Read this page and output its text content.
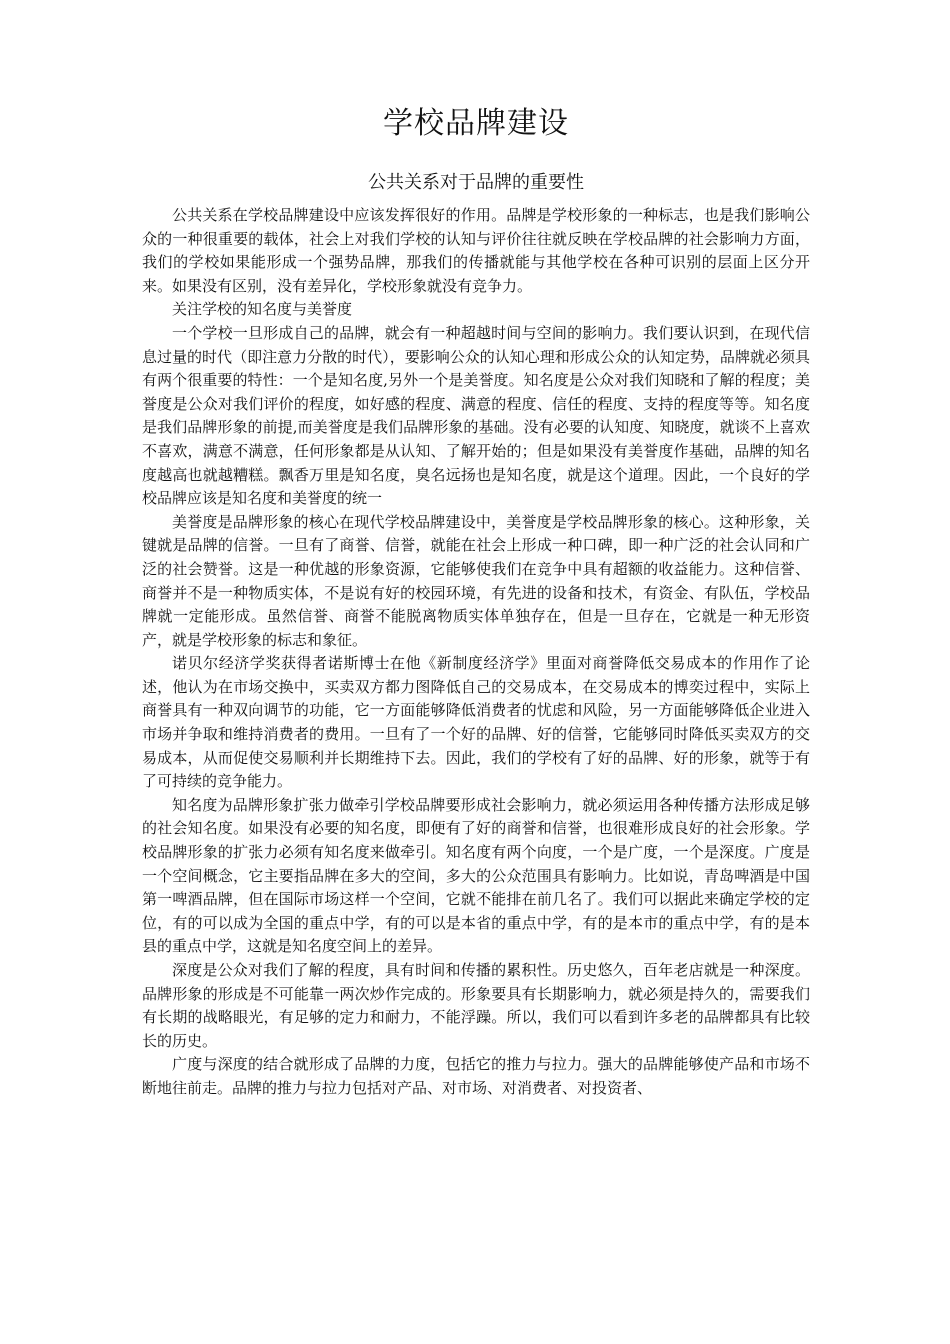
学校品牌建设
公共关系对于品牌的重要性

公共关系在学校品牌建设中应该发挥很好的作用。品牌是学校形象的一种标志，也是我们影响公众的一种很重要的载体，社会上对我们学校的认知与评价往往就反映在学校品牌的社会影响力方面，我们的学校如果能形成一个强势品牌，那我们的传播就能与其他学校在各种可识别的层面上区分开来。如果没有区别，没有差异化，学校形象就没有竞争力。

关注学校的知名度与美誉度

一个学校一旦形成自己的品牌，就会有一种超越时间与空间的影响力。我们要认识到，在现代信息过量的时代（即注意力分散的时代），要影响公众的认知心理和形成公众的认知定势，品牌就必须具有两个很重要的特性：一个是知名度,另外一个是美誉度。知名度是公众对我们知晓和了解的程度；美誉度是公众对我们评价的程度，如好感的程度、满意的程度、信任的程度、支持的程度等等。知名度是我们品牌形象的前提,而美誉度是我们品牌形象的基础。没有必要的认知度、知晓度，就谈不上喜欢不喜欢，满意不满意，任何形象都是从认知、了解开始的；但是如果没有美誉度作基础，品牌的知名度越高也就越糟糕。飘香万里是知名度，臭名远扬也是知名度，就是这个道理。因此，一个良好的学校品牌应该是知名度和美誉度的统一

美誉度是品牌形象的核心在现代学校品牌建设中，美誉度是学校品牌形象的核心。这种形象，关键就是品牌的信誉。一旦有了商誉、信誉，就能在社会上形成一种口碑，即一种广泛的社会认同和广泛的社会赞誉。这是一种优越的形象资源，它能够使我们在竞争中具有超额的收益能力。这种信誉、商誉并不是一种物质实体，不是说有好的校园环境，有先进的设备和技术，有资金、有队伍，学校品牌就一定能形成。虽然信誉、商誉不能脱离物质实体单独存在，但是一旦存在，它就是一种无形资产，就是学校形象的标志和象征。

诺贝尔经济学奖获得者诺斯博士在他《新制度经济学》里面对商誉降低交易成本的作用作了论述，他认为在市场交换中，买卖双方都力图降低自己的交易成本，在交易成本的博奕过程中，实际上商誉具有一种双向调节的功能，它一方面能够降低消费者的忧虑和风险，另一方面能够降低企业进入市场并争取和维持消费者的费用。一旦有了一个好的品牌、好的信誉，它能够同时降低买卖双方的交易成本，从而促使交易顺利并长期维持下去。因此，我们的学校有了好的品牌、好的形象，就等于有了可持续的竞争能力。

知名度为品牌形象扩张力做牵引学校品牌要形成社会影响力，就必须运用各种传播方法形成足够的社会知名度。如果没有必要的知名度，即便有了好的商誉和信誉，也很难形成良好的社会形象。学校品牌形象的扩张力必须有知名度来做牵引。知名度有两个向度，一个是广度，一个是深度。广度是一个空间概念，它主要指品牌在多大的空间，多大的公众范围具有影响力。比如说，青岛啤酒是中国第一啤酒品牌，但在国际市场这样一个空间，它就不能排在前几名了。我们可以据此来确定学校的定位，有的可以成为全国的重点中学，有的可以是本省的重点中学，有的是本市的重点中学，有的是本县的重点中学，这就是知名度空间上的差异。

深度是公众对我们了解的程度，具有时间和传播的累积性。历史悠久，百年老店就是一种深度。品牌形象的形成是不可能靠一两次炒作完成的。形象要具有长期影响力，就必须是持久的，需要我们有长期的战略眼光，有足够的定力和耐力，不能浮躁。所以，我们可以看到许多老的品牌都具有比较长的历史。

广度与深度的结合就形成了品牌的力度，包括它的推力与拉力。强大的品牌能够使产品和市场不断地往前走。品牌的推力与拉力包括对产品、对市场、对消费者、对投资者、
